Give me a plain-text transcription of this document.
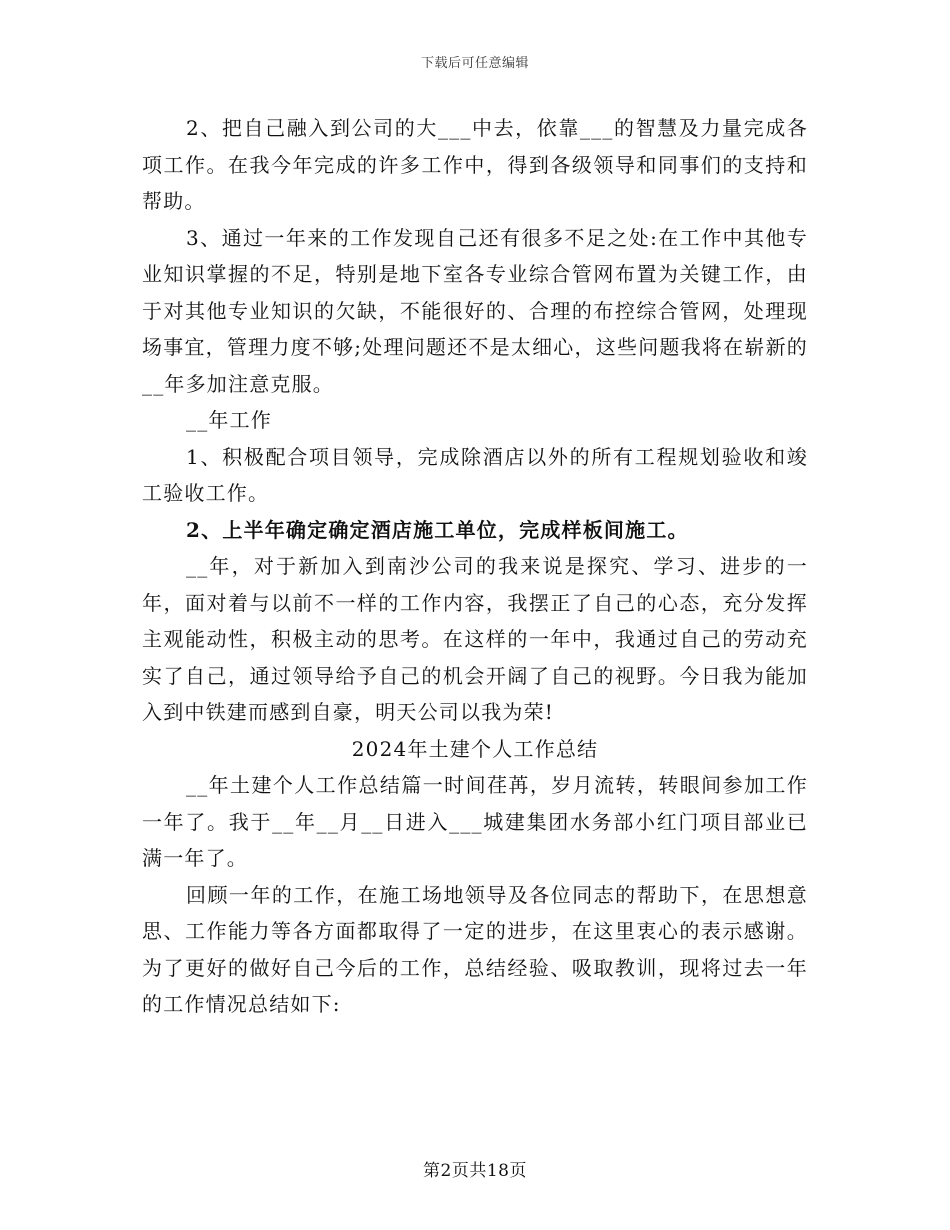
下载后可任意编辑

2、把自己融入到公司的大___中去，依靠___的智慧及力量完成各项工作。在我今年完成的许多工作中，得到各级领导和同事们的支持和帮助。

3、通过一年来的工作发现自己还有很多不足之处:在工作中其他专业知识掌握的不足，特别是地下室各专业综合管网布置为关键工作，由于对其他专业知识的欠缺，不能很好的、合理的布控综合管网，处理现场事宜，管理力度不够;处理问题还不是太细心，这些问题我将在崭新的__年多加注意克服。

__年工作

1、积极配合项目领导，完成除酒店以外的所有工程规划验收和竣工验收工作。

2、上半年确定确定酒店施工单位，完成样板间施工。

__年，对于新加入到南沙公司的我来说是探究、学习、进步的一年，面对着与以前不一样的工作内容，我摆正了自己的心态，充分发挥主观能动性，积极主动的思考。在这样的一年中，我通过自己的劳动充实了自己，通过领导给予自己的机会开阔了自己的视野。今日我为能加入到中铁建而感到自豪，明天公司以我为荣!

2024年土建个人工作总结

__年土建个人工作总结篇一时间荏苒，岁月流转，转眼间参加工作一年了。我于__年__月__日进入___城建集团水务部小红门项目部业已满一年了。

回顾一年的工作，在施工场地领导及各位同志的帮助下，在思想意思、工作能力等各方面都取得了一定的进步，在这里衷心的表示感谢。为了更好的做好自己今后的工作，总结经验、吸取教训，现将过去一年的工作情况总结如下:

第2页共18页
